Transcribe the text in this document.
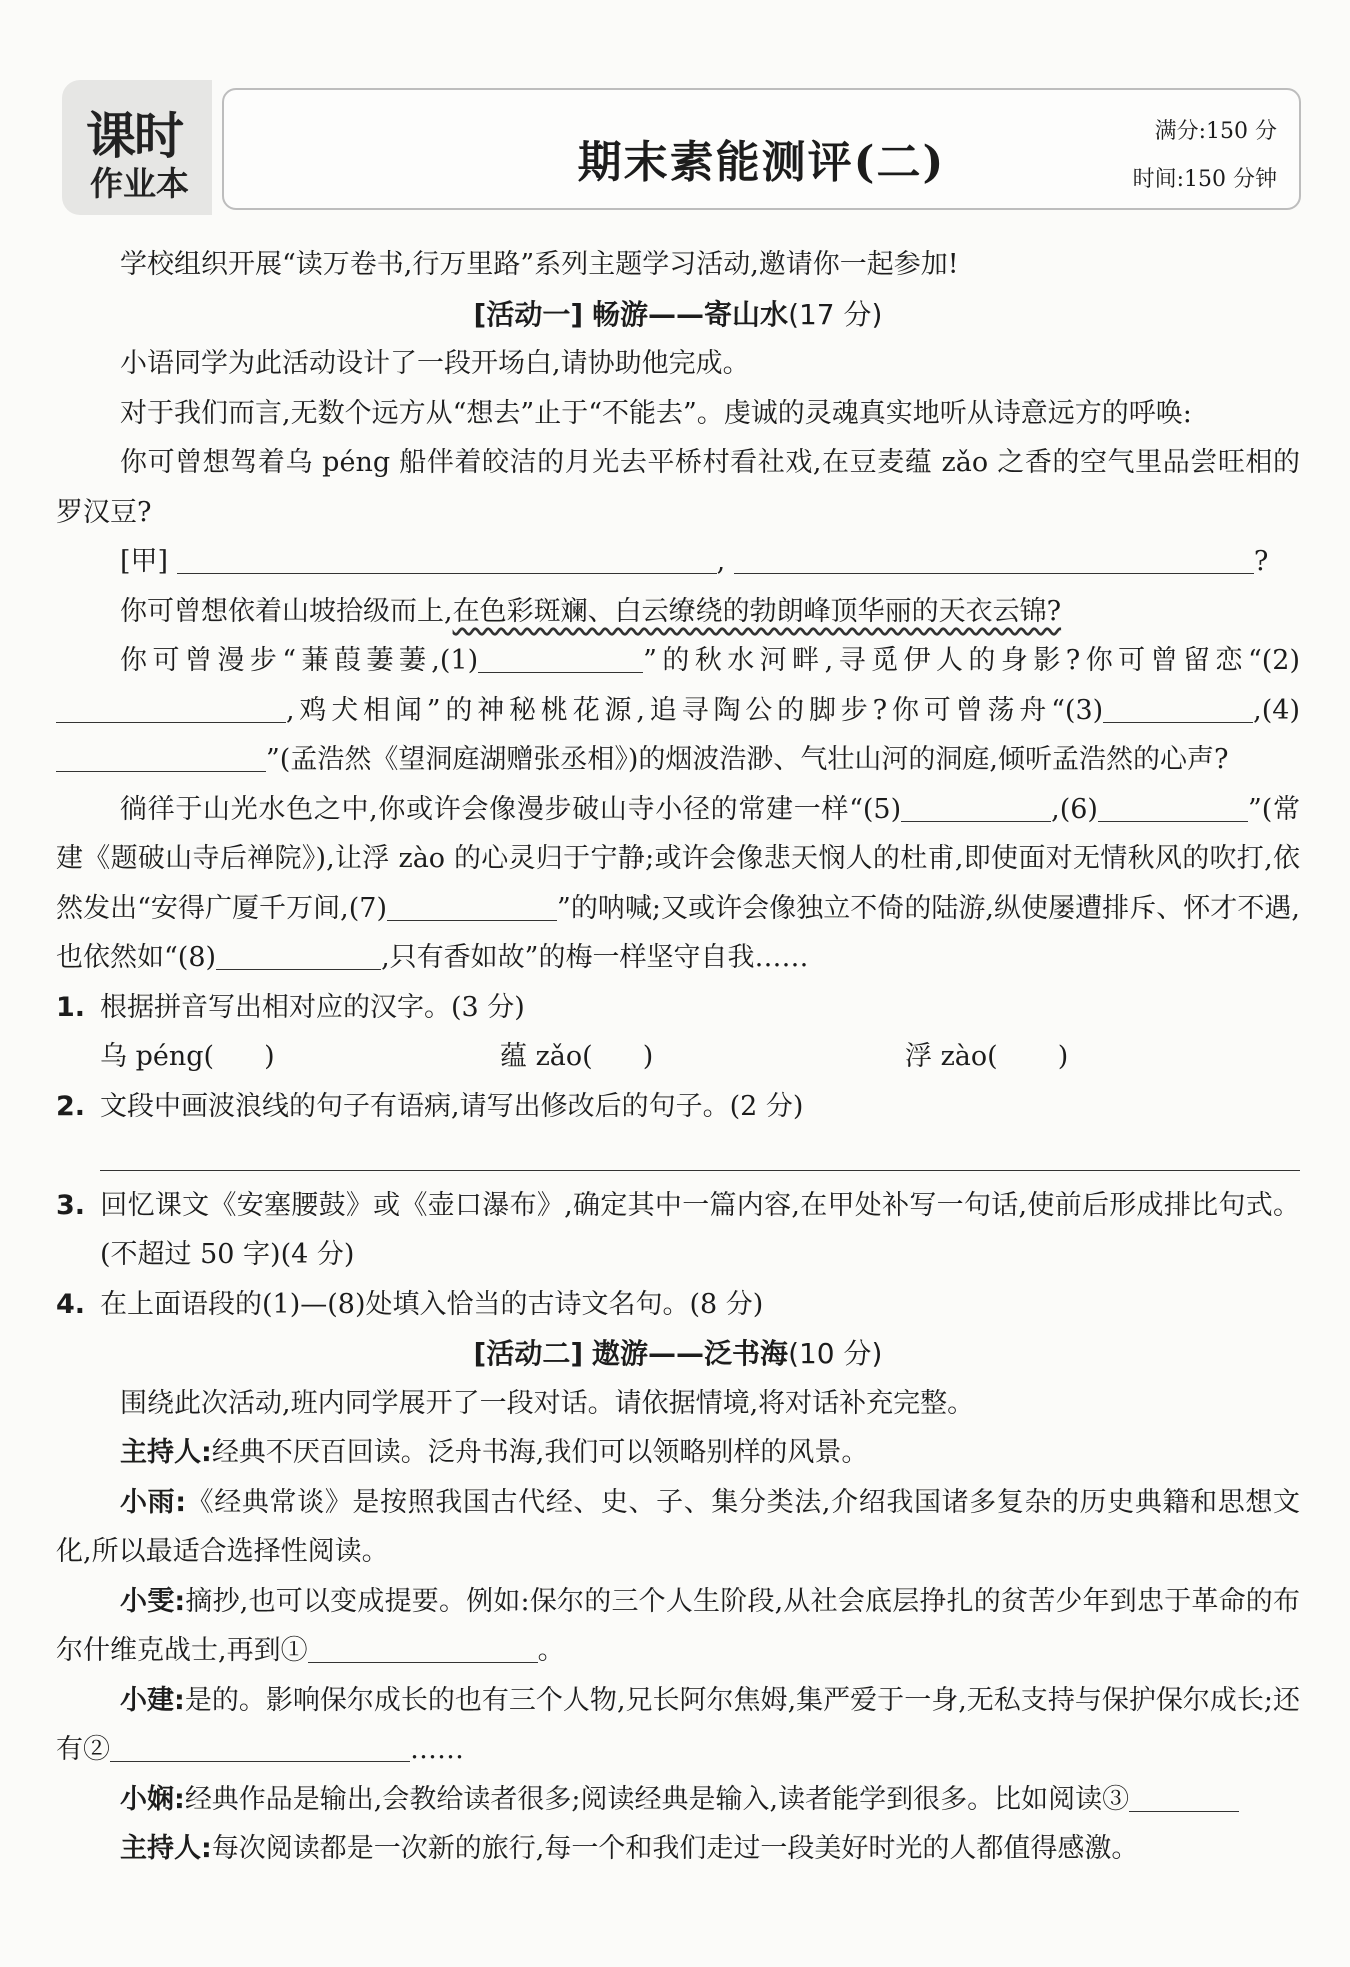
课时
作业本	期末素能测评(二)
满分:150 分
时间:150 分钟

学校组织开展“读万卷书,行万里路”系列主题学习活动,邀请你一起参加!

[活动一] 畅游——寄山水(17 分)

小语同学为此活动设计了一段开场白,请协助他完成。

对于我们而言,无数个远方从“想去”止于“不能去”。虔诚的灵魂真实地听从诗意远方的呼唤:

你可曾想驾着乌 péng 船伴着皎洁的月光去平桥村看社戏,在豆麦蕴 zǎo 之香的空气里品尝旺相的罗汉豆?

[甲]	,	?

你可曾想依着山坡拾级而上,在色彩斑斓、白云缭绕的勃朗峰顶华丽的天衣云锦?

你可曾漫步“蒹葭萋萋,(1)	”的秋水河畔,寻觅伊人的身影?你可曾留恋“(2),鸡犬相闻”的神秘桃花源,追寻陶公的脚步?你可曾荡舟“(3)	,(4)”(孟浩然《望洞庭湖赠张丞相》)的烟波浩渺、气壮山河的洞庭,倾听孟浩然的心声?

徜徉于山光水色之中,你或许会像漫步破山寺小径的常建一样“(5)	,(6)	”(常建《题破山寺后禅院》),让浮 zào 的心灵归于宁静;或许会像悲天悯人的杜甫,即使面对无情秋风的吹打,依然发出“安得广厦千万间,(7)	”的呐喊;又或许会像独立不倚的陆游,纵使屡遭排斥、怀才不遇,也依然如“(8)	,只有香如故”的梅一样坚守自我……

1. 根据拼音写出相对应的汉字。(3 分)

乌 péng( )	蕴 zǎo( )	浮 zào( )

2. 文段中画波浪线的句子有语病,请写出修改后的句子。(2 分)

3. 回忆课文《安塞腰鼓》或《壶口瀑布》,确定其中一篇内容,在甲处补写一句话,使前后形成排比句式。(不超过 50 字)(4 分)

4. 在上面语段的(1)—(8)处填入恰当的古诗文名句。(8 分)

[活动二] 遨游——泛书海(10 分)

围绕此次活动,班内同学展开了一段对话。请依据情境,将对话补充完整。

主持人:经典不厌百回读。泛舟书海,我们可以领略别样的风景。

小雨:《经典常谈》是按照我国古代经、史、子、集分类法,介绍我国诸多复杂的历史典籍和思想文化,所以最适合选择性阅读。

小雯:摘抄,也可以变成提要。例如:保尔的三个人生阶段,从社会底层挣扎的贫苦少年到忠于革命的布尔什维克战士,再到①	。

小建:是的。影响保尔成长的也有三个人物,兄长阿尔焦姆,集严爱于一身,无私支持与保护保尔成长;还有②	……

小娴:经典作品是输出,会教给读者很多;阅读经典是输入,读者能学到很多。比如阅读③

主持人:每次阅读都是一次新的旅行,每一个和我们走过一段美好时光的人都值得感激。
